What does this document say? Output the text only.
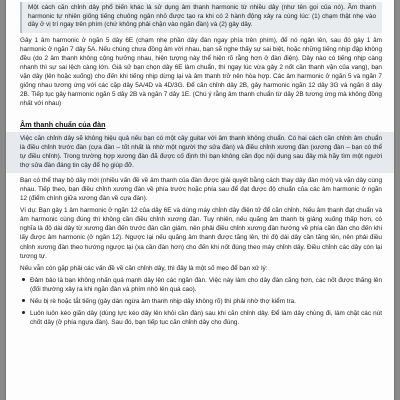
Một cách căn chỉnh dây phổ biến khác là sử dụng âm thanh harmonic từ nhiều dây (như tên gọi của nó). Âm thanh harmonic tự nhiên giống tiếng chuông ngân nhỏ được tạo ra khi có 2 hành động xảy ra cùng lúc: (1) chạm thật nhẹ vào dây ở vị trí ngay trên phím (chứ không phải chặn vào ngăn đàn) và (2) gảy dây.

Gảy 1 âm harmonic ở ngăn 5 dây 6E (chạm nhẹ phần dây đàn ngay phía trên phím), để nó ngân lên, sau đó gảy 1 âm harmonic ở ngăn 7 dây 5A. Nếu chúng chưa đồng âm với nhau, bạn sẽ nghe thấy sự sai biệt, hoặc những tiếng nhịp đập không đều (do 2 âm thanh không cộng hưởng nhau, hiện tượng này thể hiện rõ rằng hơn ở đàn điện). Dây nào có tiếng nhịp càng nhanh thì sự sai lệch càng lớn. Giả sử bạn chọn dây 6E làm chuẩn, thì ngay lúc vừa gảy 2 nốt cần thanh vặn của vang), bạn vặn dây (lên hoặc xuống) cho đến khi tiếng nhịp dừng lại và âm thanh trở nên hòa hợp. Các âm harmonic ở ngăn 5 và ngăn 7 giống nhau tương ứng với các cặp dây 5A/4D và 4D/3G. Để căn chỉnh dây 2B, gảy harmonic ngăn 12 dây 3G và ngăn 8 dây 2B. Tiếp tục gảy harmonic ngăn 5 dây 2B và ngăn 7 dây 1E. (Chú ý rằng âm thanh chuẩn từ dây 2B tương ứng mà không đồng nhất với nhau)

Âm thanh chuẩn của đàn

Việc căn chỉnh dây sẽ không hiệu quả nếu bạn có một cây guitar với âm thanh không chuẩn. Có hai cách căn chỉnh âm chuẩn là điều chỉnh trước đàn (cựa đàn – tốt nhất là nhờ một người thợ sửa đàn) và điều chỉnh xương đàn (xương đàn – bạn có thể tự điều chỉnh). Trong trường hợp xương đàn đã được cố định thì bạn không cần đọc nội dung sau đây mà hãy tìm một người thợ sửa đàn đáng tin cậy để họ giúp đỡ.

Bạn có thể thay bộ dây mới (nhiều vấn đề về âm thanh của đàn được giải quyết bằng cách thay dây đàn mới) và vặn dây cùng nhau. Tiếp theo, bạn điều chỉnh xương đàn về phía trước hoặc phía sau để đạt được độ chuẩn của các âm harmonic ở ngăn 12 (điểm chính giữa xương đàn về cựa đàn).

Ví dụ: Bạn gảy 1 âm harmonic ở ngăn 12 của dây 6E và dùng máy chỉnh dây điện tử để căn chỉnh. Nếu âm thanh đạt chuẩn và âm harmonic cùng đúng thì không cần điều chỉnh xương đàn. Tuy nhiên, nếu quãng âm thanh bị giảng xuống thấp hơn, có nghĩa là độ dài dây từ xương đàn đến trước đàn cần giảm, nên phải điều chỉnh xương đàn hướng về phía cần đàn cho đến khi lấy được âm harmonic (ở ngăn 12). Ngược lại nếu quãng âm thanh được tăng lên, thì độ dài dây cần tăng lên, nên phải điều chỉnh xương đàn theo hướng ngược lại (xa cần đàn hơn) cho đến khi nốt đúng theo máy chỉnh dây. Điều chỉnh các dây còn lại tương tự.

Nếu vẫn còn gặp phải các vấn đề về căn chỉnh dây, thì đây là một số mẹo để bạn xử lý:

Đảm bảo là bạn không nhấn quá mạnh dây lên các ngăn đàn. Việc này làm cho dây đàn căng hơn, các nốt được thăng lên (đối thường xảy ra khi ngăn đàn và phím nhô lên quá cao).
Nếu bị rè hoặc tắt tiếng (gảy dàn ngừa âm thanh nhịp dây không rõ) thì phải nhờ thợ kiểm tra.
Luôn luôn kéo giãn dây (dùng lực kéo dây lên khỏi cần đàn) sau khi căn chỉnh dây. Để làm dây chùng đi, làm chặt các nút chốt dây (ở phía ngựa đàn). Sau đó, bạn tiếp tục căn chỉnh dây cho đúng.
